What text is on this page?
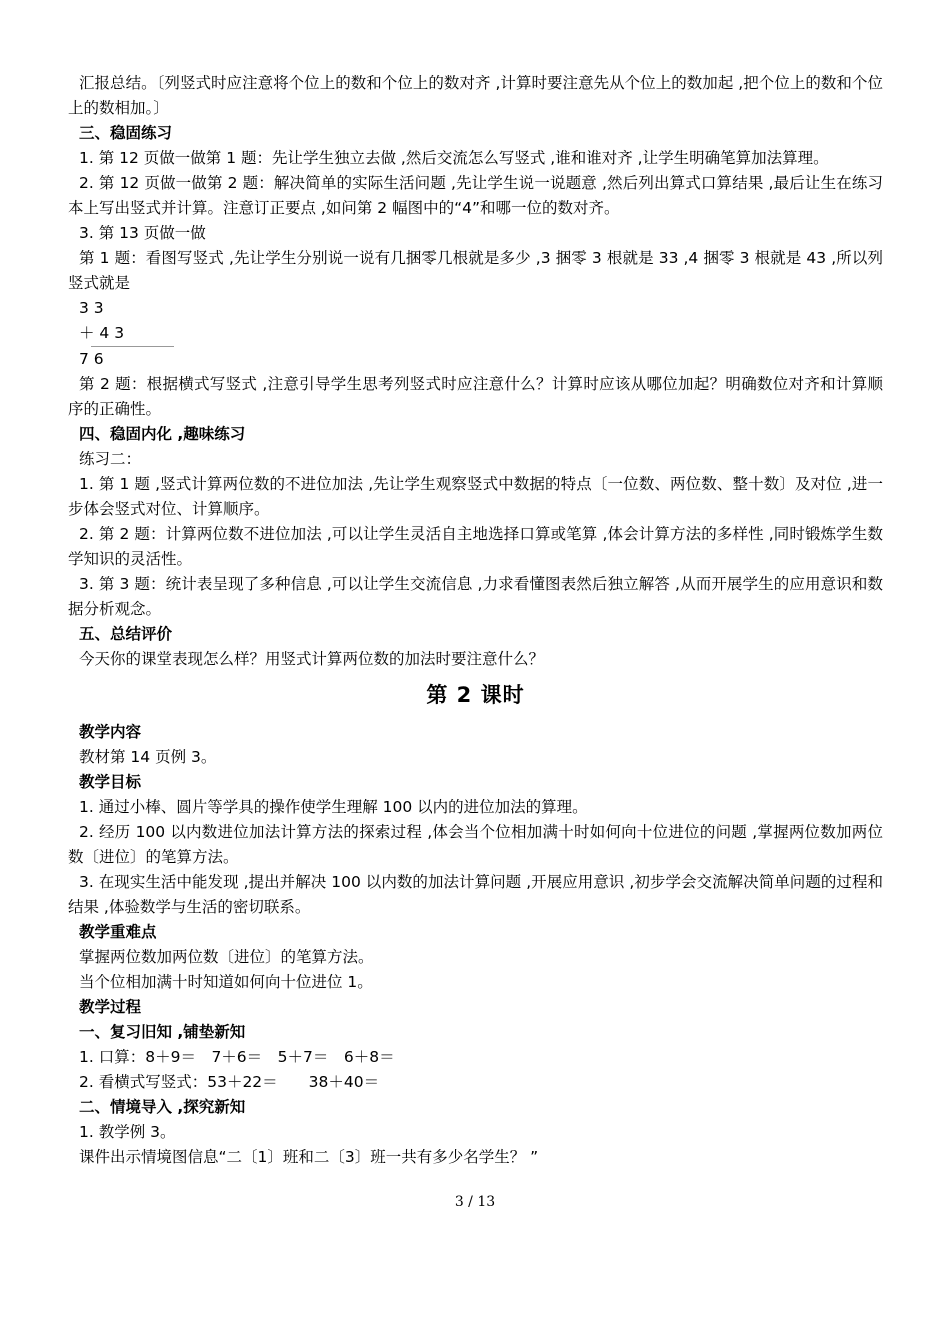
汇报总结。〔列竖式时应注意将个位上的数和个位上的数对齐 ,计算时要注意先从个位上的数加起 ,把个位上的数和个位上的数相加。〕

三、稳固练习

1. 第 12 页做一做第 1 题：先让学生独立去做 ,然后交流怎么写竖式 ,谁和谁对齐 ,让学生明确笔算加法算理。

2. 第 12 页做一做第 2 题：解决简单的实际生活问题 ,先让学生说一说题意 ,然后列出算式口算结果 ,最后让生在练习本上写出竖式并计算。注意订正要点 ,如问第 2 幅图中的“4”和哪一位的数对齐。

3. 第 13 页做一做

第 1 题：看图写竖式 ,先让学生分别说一说有几捆零几根就是多少 ,3 捆零 3 根就是 33 ,4 捆零 3 根就是 43 ,所以列竖式就是

3 3
＋ 4 3
7 6

第 2 题：根据横式写竖式 ,注意引导学生思考列竖式时应注意什么？计算时应该从哪位加起？明确数位对齐和计算顺序的正确性。

四、稳固内化 ,趣味练习

练习二：

1. 第 1 题 ,竖式计算两位数的不进位加法 ,先让学生观察竖式中数据的特点〔一位数、两位数、整十数〕及对位 ,进一步体会竖式对位、计算顺序。

2. 第 2 题：计算两位数不进位加法 ,可以让学生灵活自主地选择口算或笔算 ,体会计算方法的多样性 ,同时锻炼学生数学知识的灵活性。

3. 第 3 题：统计表呈现了多种信息 ,可以让学生交流信息 ,力求看懂图表然后独立解答 ,从而开展学生的应用意识和数据分析观念。

五、总结评价

今天你的课堂表现怎么样？用竖式计算两位数的加法时要注意什么？

第 2 课时

教学内容

教材第 14 页例 3。

教学目标

1. 通过小棒、圆片等学具的操作使学生理解 100 以内的进位加法的算理。

2. 经历 100 以内数进位加法计算方法的探索过程 ,体会当个位相加满十时如何向十位进位的问题 ,掌握两位数加两位数〔进位〕的笔算方法。

3. 在现实生活中能发现 ,提出并解决 100 以内数的加法计算问题 ,开展应用意识 ,初步学会交流解决简单问题的过程和结果 ,体验数学与生活的密切联系。

教学重难点

掌握两位数加两位数〔进位〕的笔算方法。

当个位相加满十时知道如何向十位进位 1。

教学过程

一、复习旧知 ,铺垫新知

1. 口算：8＋9＝　7＋6＝　5＋7＝　6＋8＝

2. 看横式写竖式：53＋22＝　　38＋40＝

二、情境导入 ,探究新知

1. 教学例 3。

课件出示情境图信息“二〔1〕班和二〔3〕班一共有多少名学生？ ”

3 / 13
